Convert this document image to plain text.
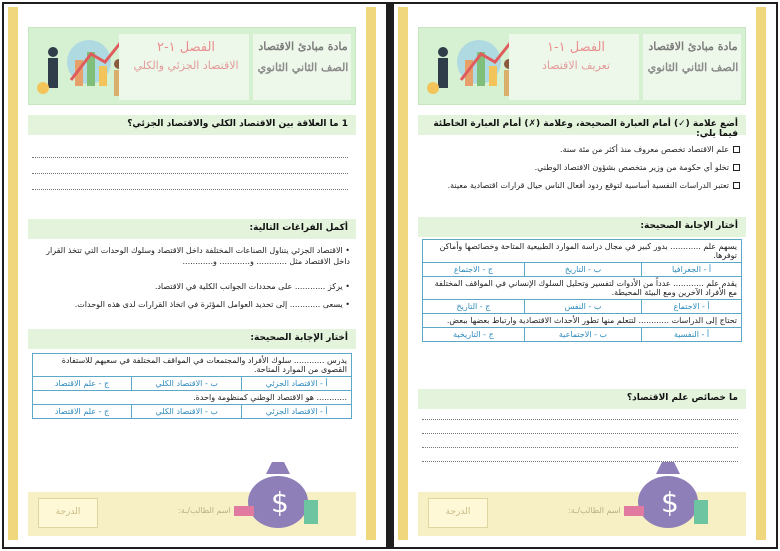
الفصل ١-٢
الاقتصاد الجزئي والكلي
مادة مبادئ الاقتصاد
الصف الثاني الثانوي
1 ما العلاقة بين الاقتصاد الكلي والاقتصاد الجزئي؟
أكمل الفراغات التالية:
• الاقتصاد الجزئي يتناول الصناعات المختلفة داخل الاقتصاد وسلوك الوحدات التي تتخذ القرار داخل الاقتصاد مثل ............ و............ و............
• يركز ............ على محددات الجوانب الكلية في الاقتصاد.
• يسعى ............ إلى تحديد العوامل المؤثرة في اتخاذ القرارات لدى هذه الوحدات.
أختار الإجابة الصحيحة:
يدرس ............ سلوك الأفراد والمجتمعات في المواقف المختلفة في سعيهم للاستفادة القصوى من الموارد المتاحة.		
أ - الاقتصاد الجزئي	ب - الاقتصاد الكلي	ج - علم الاقتصاد
............ هو الاقتصاد الوطني كمنظومة واحدة.		
أ - الاقتصاد الجزئي	ب - الاقتصاد الكلي	ج - علم الاقتصاد
الدرجة	اسم الطالب/ـة: $
الفصل ١-١
تعريف الاقتصاد
مادة مبادئ الاقتصاد
الصف الثاني الثانوي
أضع علامة (✓) أمام العبارة الصحيحة، وعلامة (✗) أمام العبارة الخاطئة فيما يلي:
علم الاقتصاد تخصص معروف منذ أكثر من مئة سنة.
تخلو أي حكومة من وزير متخصص بشؤون الاقتصاد الوطني.
تعتبر الدراسات النفسية أساسية لتوقع ردود أفعال الناس حيال قرارات اقتصادية معينة.
أختار الإجابة الصحيحة:
يسهم علم ............ بدور كبير في مجال دراسة الموارد الطبيعية المتاحة وخصائصها وأماكن توفرها.		
أ - الجغرافيا	ب - التاريخ	ج - الاجتماع
يقدم علم ............ عدداً من الأدوات لتفسير وتحليل السلوك الإنساني في المواقف المختلفة مع الأفراد الآخرين ومع البيئة المحيطة.		
أ - الاجتماع	ب - النفس	ج - التاريخ
تحتاج إلى الدراسات ............ لتتعلم منها تطور الأحداث الاقتصادية وارتباط بعضها ببعض.		
أ - النفسية	ب - الاجتماعية	ج - التاريخية
ما خصائص علم الاقتصاد؟
الدرجة	اسم الطالب/ـة: $
